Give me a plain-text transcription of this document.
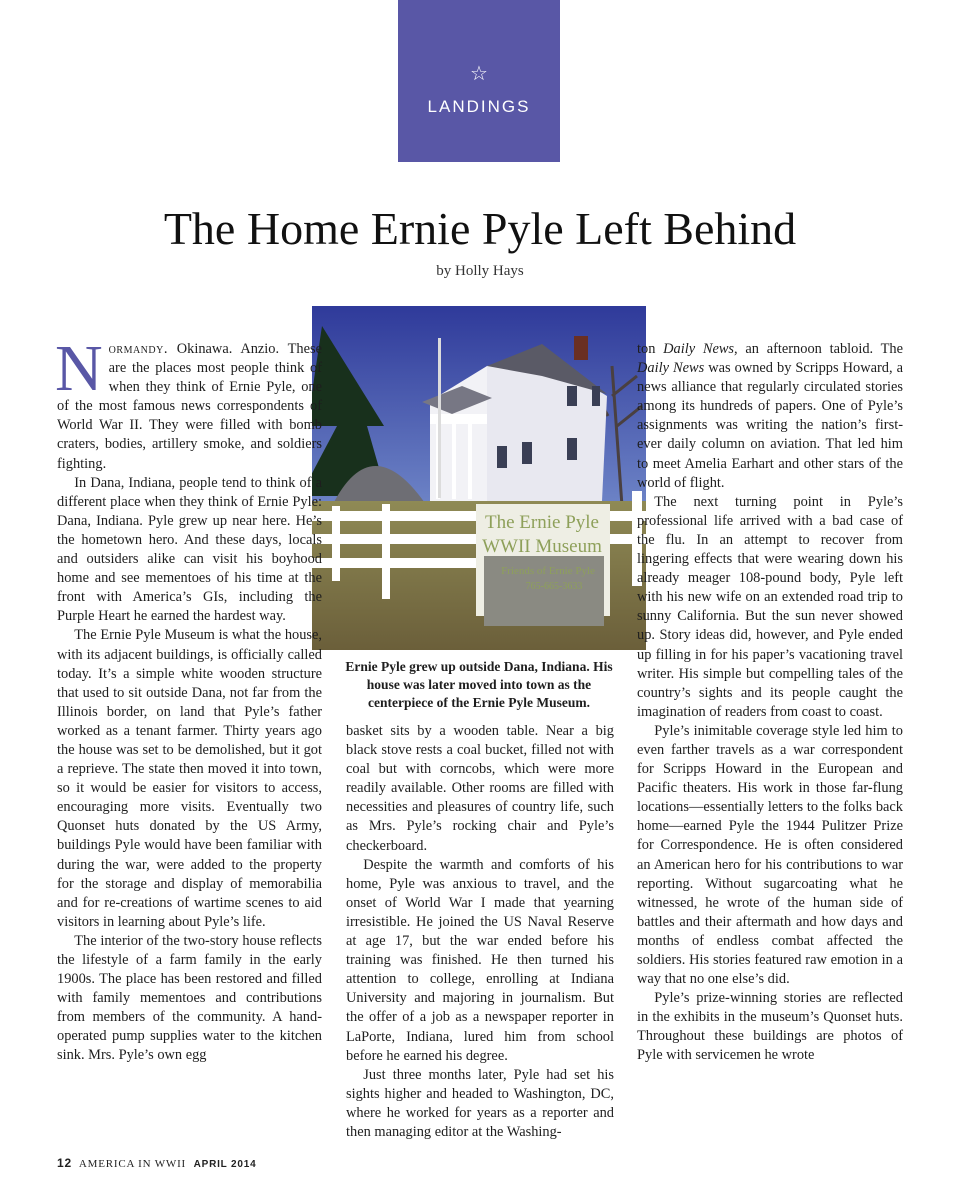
☆
LANDINGS
The Home Ernie Pyle Left Behind
by Holly Hays
The Ernie Pyle
WWII Museum
Friends of Ernie Pyle
765-665-3633
Ernie Pyle grew up outside Dana, Indiana. His house was later moved into town as the centerpiece of the Ernie Pyle Museum.

Normandy. Okinawa. Anzio. These are the places most people think of when they think of Ernie Pyle, one of the most famous news correspondents of World War II. They were filled with bomb craters, bodies, artillery smoke, and soldiers fighting.

In Dana, Indiana, people tend to think of a different place when they think of Ernie Pyle: Dana, Indiana. Pyle grew up near here. He’s the hometown hero. And these days, locals and outsiders alike can visit his boyhood home and see mementoes of his time at the front with America’s GIs, including the Purple Heart he earned the hardest way.

The Ernie Pyle Museum is what the house, with its adjacent buildings, is officially called today. It’s a simple white wooden structure that used to sit outside Dana, not far from the Illinois border, on land that Pyle’s father worked as a tenant farmer. Thirty years ago the house was set to be demolished, but it got a reprieve. The state then moved it into town, so it would be easier for visitors to access, encouraging more visits. Eventually two Quonset huts donated by the US Army, buildings Pyle would have been familiar with during the war, were added to the property for the storage and display of memorabilia and for re-creations of wartime scenes to aid visitors in learning about Pyle’s life.

The interior of the two-story house reflects the lifestyle of a farm family in the early 1900s. The place has been restored and filled with family mementoes and contributions from members of the community. A hand-operated pump supplies water to the kitchen sink. Mrs. Pyle’s own egg

basket sits by a wooden table. Near a big black stove rests a coal bucket, filled not with coal but with corncobs, which were more readily available. Other rooms are filled with necessities and pleasures of country life, such as Mrs. Pyle’s rocking chair and Pyle’s checkerboard.

Despite the warmth and comforts of his home, Pyle was anxious to travel, and the onset of World War I made that yearning irresistible. He joined the US Naval Reserve at age 17, but the war ended before his training was finished. He then turned his attention to college, enrolling at Indiana University and majoring in journalism. But the offer of a job as a newspaper reporter in LaPorte, Indiana, lured him from school before he earned his degree.

Just three months later, Pyle had set his sights higher and headed to Washington, DC, where he worked for years as a reporter and then managing editor at the Washing-

ton Daily News, an afternoon tabloid. The Daily News was owned by Scripps Howard, a news alliance that regularly circulated stories among its hundreds of papers. One of Pyle’s assignments was writing the nation’s first-ever daily column on aviation. That led him to meet Amelia Earhart and other stars of the world of flight.

The next turning point in Pyle’s professional life arrived with a bad case of the flu. In an attempt to recover from lingering effects that were wearing down his already meager 108-pound body, Pyle left with his new wife on an extended road trip to sunny California. But the sun never showed up. Story ideas did, however, and Pyle ended up filling in for his paper’s vacationing travel writer. His simple but compelling tales of the country’s sights and its people caught the imagination of readers from coast to coast.

Pyle’s inimitable coverage style led him to even farther travels as a war correspondent for Scripps Howard in the European and Pacific theaters. His work in those far-flung locations—essentially letters to the folks back home—earned Pyle the 1944 Pulitzer Prize for Correspondence. He is often considered an American hero for his contributions to war reporting. Without sugarcoating what he witnessed, he wrote of the human side of battles and their aftermath and how days and months of endless combat affected the soldiers. His stories featured raw emotion in a way that no one else’s did.

Pyle’s prize-winning stories are reflected in the exhibits in the museum’s Quonset huts. Throughout these buildings are photos of Pyle with servicemen he wrote

12 AMERICA IN WWII APRIL 2014
